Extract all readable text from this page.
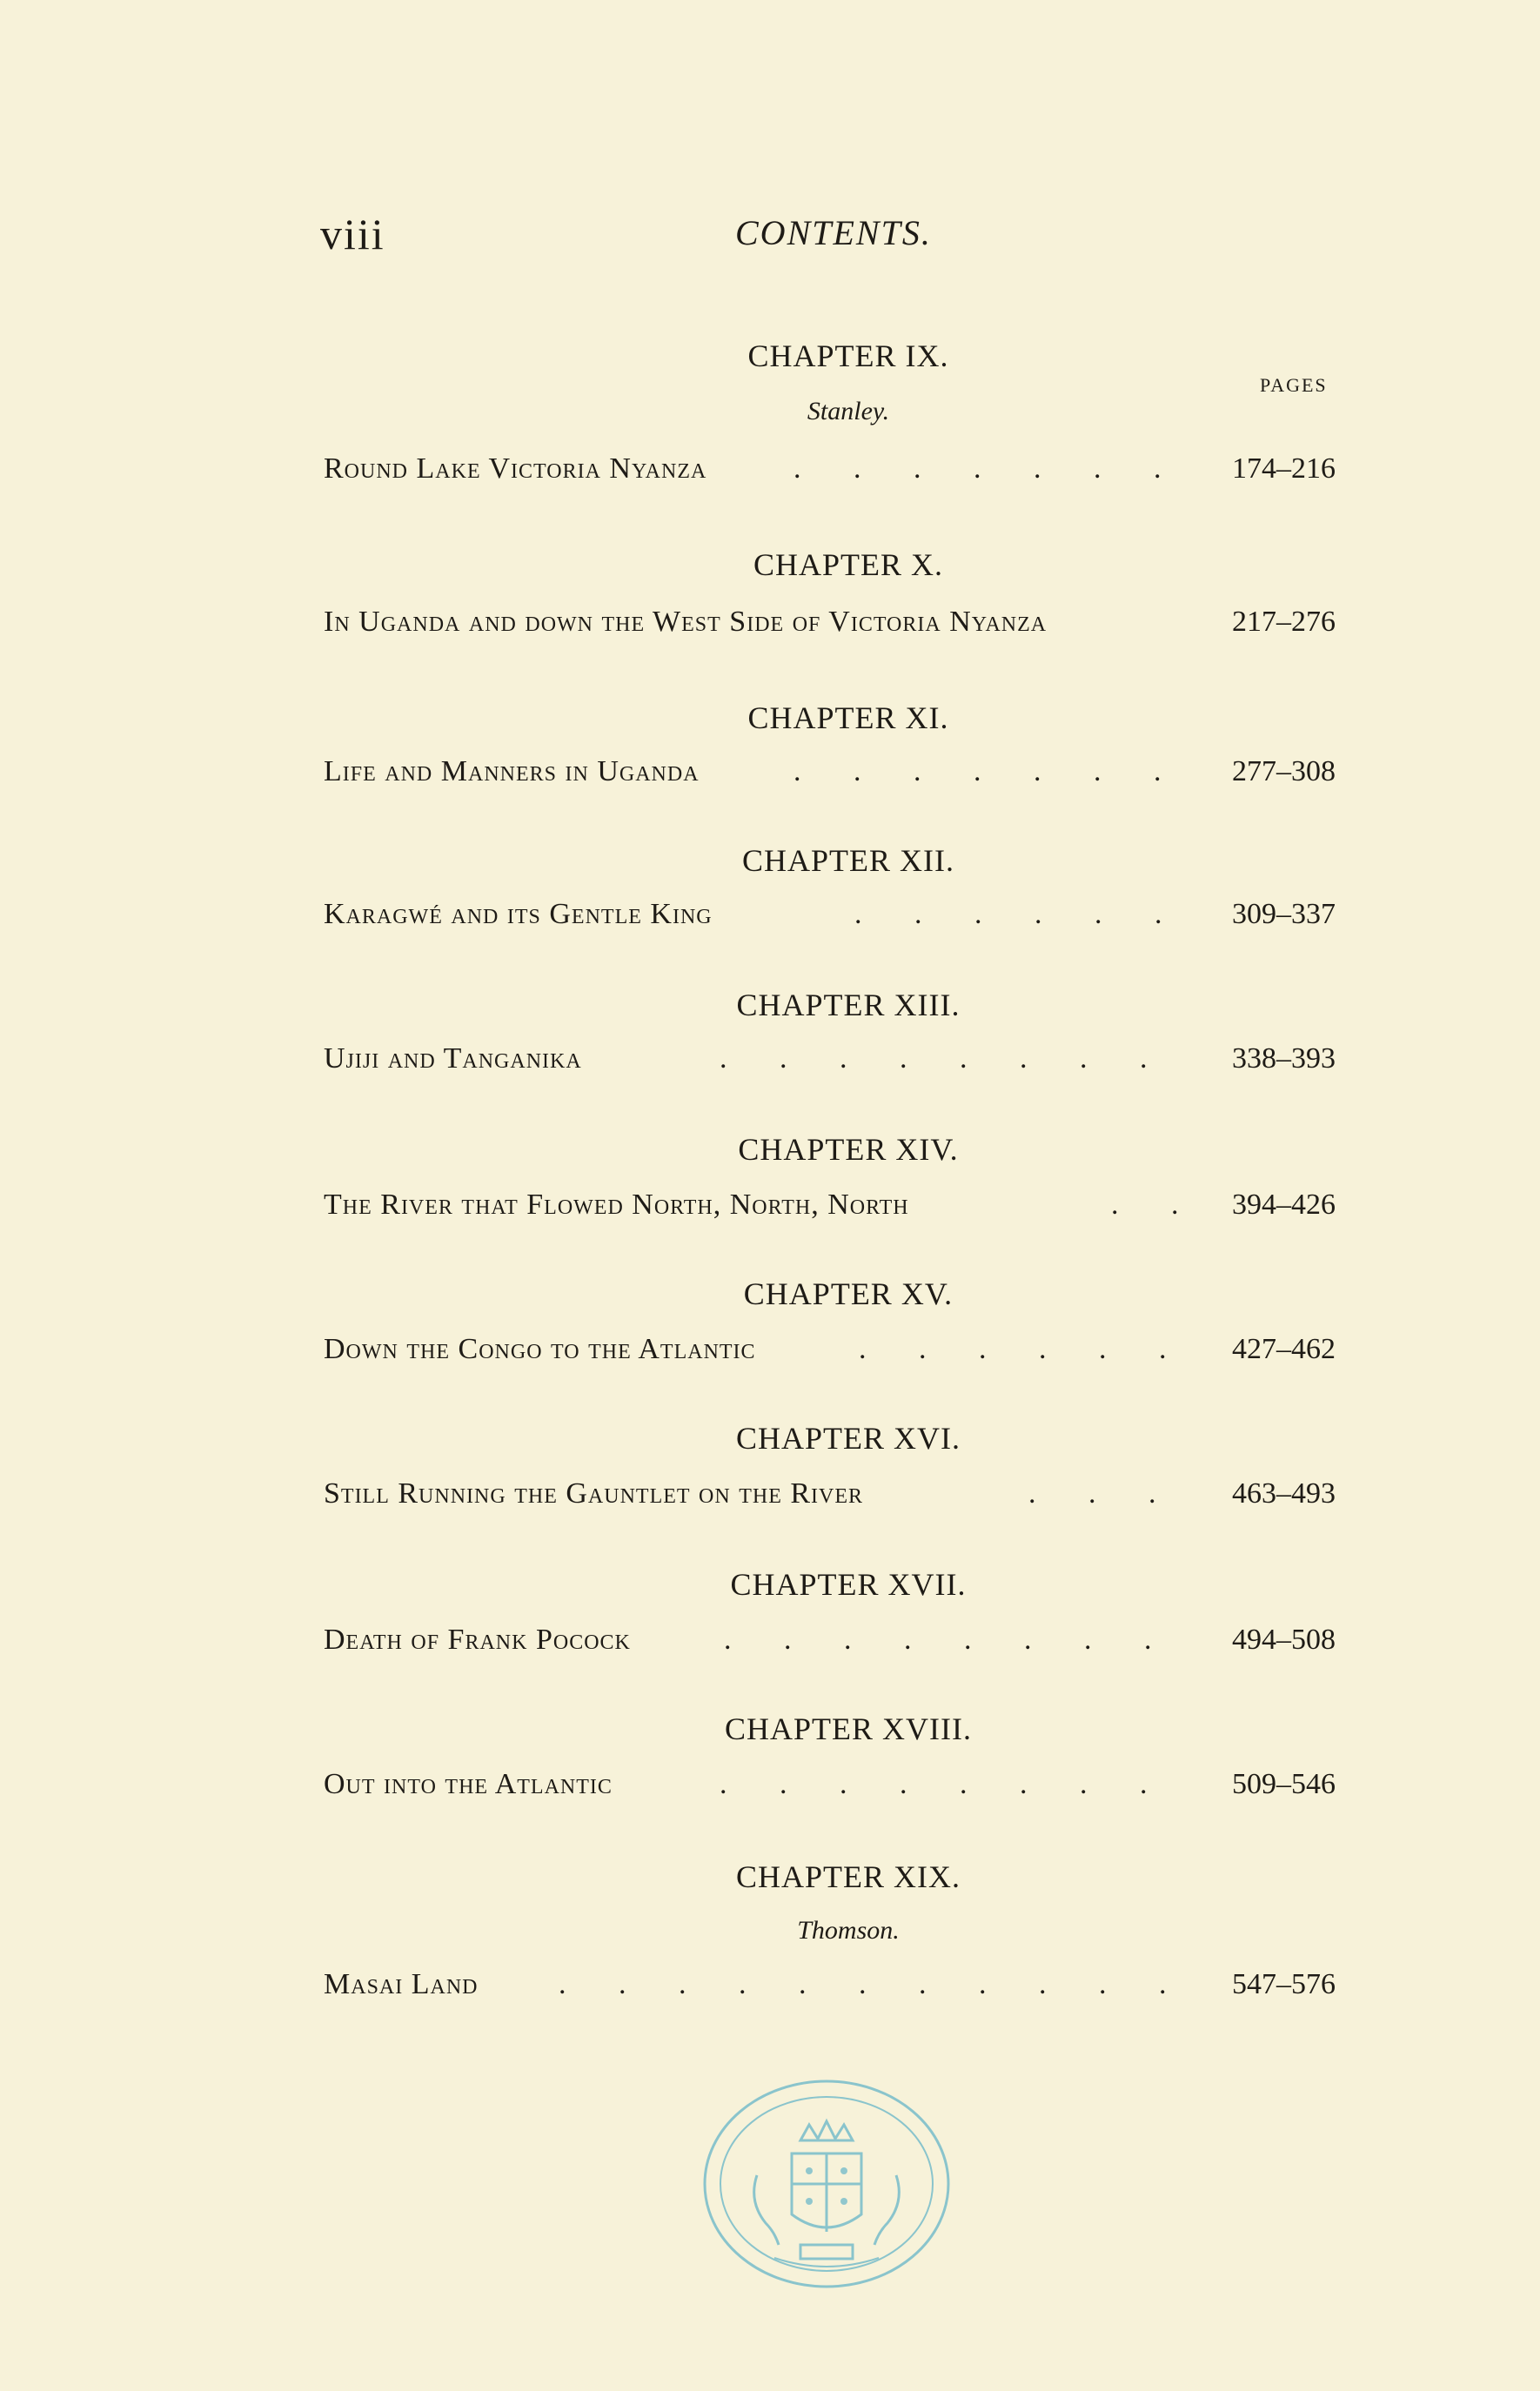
viii	CONTENTS.
PAGES
CHAPTER IX.
Stanley.
Round Lake Victoria Nyanza	. . . . . . . 174–216
CHAPTER X.
In Uganda and down the West Side of Victoria Nyanza	217–276
CHAPTER XI.
Life and Manners in Uganda	. . . . . . . 277–308
CHAPTER XII.
Karagwé and its Gentle King	. . . . . . 309–337
CHAPTER XIII.
Ujiji and Tanganika	. . . . . . . . 338–393
CHAPTER XIV.
The River that Flowed North, North, North	. . 394–426
CHAPTER XV.
Down the Congo to the Atlantic	. . . . . . 427–462
CHAPTER XVI.
Still Running the Gauntlet on the River	. . . 463–493
CHAPTER XVII.
Death of Frank Pocock	. . . . . . . . 494–508
CHAPTER XVIII.
Out into the Atlantic	. . . . . . . . 509–546
CHAPTER XIX.
Thomson.
Masai Land	. . . . . . . . . . . 547–576
